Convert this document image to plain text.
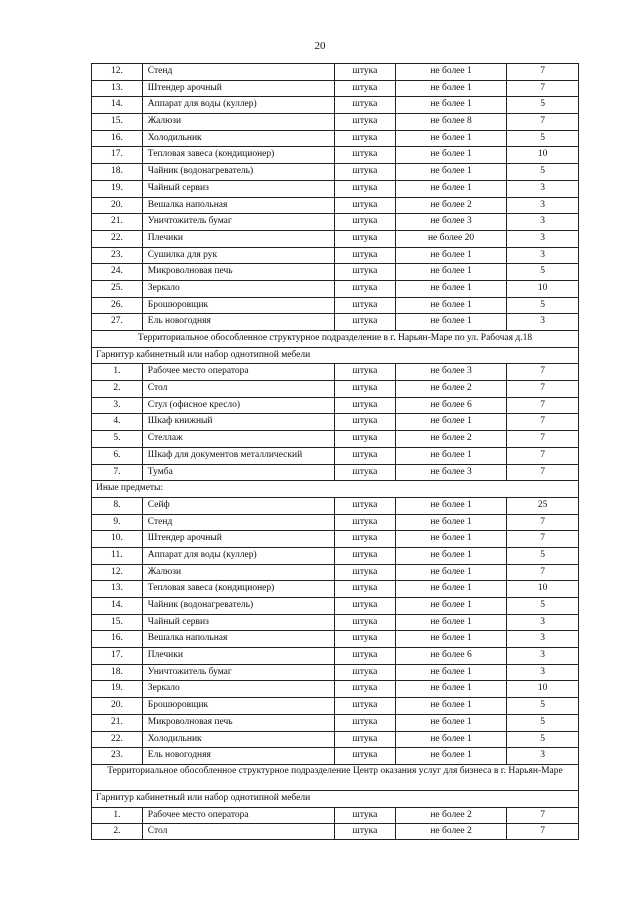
20
12.	Стенд	штука	не более 1	7
13.	Штендер арочный	штука	не более 1	7
14.	Аппарат для воды (куллер)	штука	не более 1	5
15.	Жалюзи	штука	не более 8	7
16.	Холодильник	штука	не более 1	5
17.	Тепловая завеса (кондиционер)	штука	не более 1	10
18.	Чайник (водонагреватель)	штука	не более 1	5
19.	Чайный сервиз	штука	не более 1	3
20.	Вешалка напольная	штука	не более 2	3
21.	Уничтожитель бумаг	штука	не более 3	3
22.	Плечики	штука	не более 20	3
23.	Сушилка для рук	штука	не более 1	3
24.	Микроволновая печь	штука	не более 1	5
25.	Зеркало	штука	не более 1	10
26.	Брошюровщик	штука	не более 1	5
27.	Ель новогодняя	штука	не более 1	3
Территориальное обособленное структурное подразделение в г. Нарьян-Маре по ул. Рабочая д.18
Гарнитур кабинетный или набор однотипной мебели
1.	Рабочее место оператора	штука	не более 3	7
2.	Стол	штука	не более 2	7
3.	Стул (офисное кресло)	штука	не более 6	7
4.	Шкаф книжный	штука	не более 1	7
5.	Стеллаж	штука	не более 2	7
6.	Шкаф для документов металлический	штука	не более 1	7
7.	Тумба	штука	не более 3	7
Иные предметы:
8.	Сейф	штука	не более 1	25
9.	Стенд	штука	не более 1	7
10.	Штендер арочный	штука	не более 1	7
11.	Аппарат для воды (куллер)	штука	не более 1	5
12.	Жалюзи	штука	не более 1	7
13.	Тепловая завеса (кондиционер)	штука	не более 1	10
14.	Чайник (водонагреватель)	штука	не более 1	5
15.	Чайный сервиз	штука	не более 1	3
16.	Вешалка напольная	штука	не более 1	3
17.	Плечики	штука	не более 6	3
18.	Уничтожитель бумаг	штука	не более 1	3
19.	Зеркало	штука	не более 1	10
20.	Брошюровщик	штука	не более 1	5
21.	Микроволновая печь	штука	не более 1	5
22.	Холодильник	штука	не более 1	5
23.	Ель новогодняя	штука	не более 1	3
Территориальное обособленное структурное подразделение Центр оказания услуг для бизнеса в г. Нарьян-Маре
Гарнитур кабинетный или набор однотипной мебели
1.	Рабочее место оператора	штука	не более 2	7
2.	Стол	штука	не более 2	7
